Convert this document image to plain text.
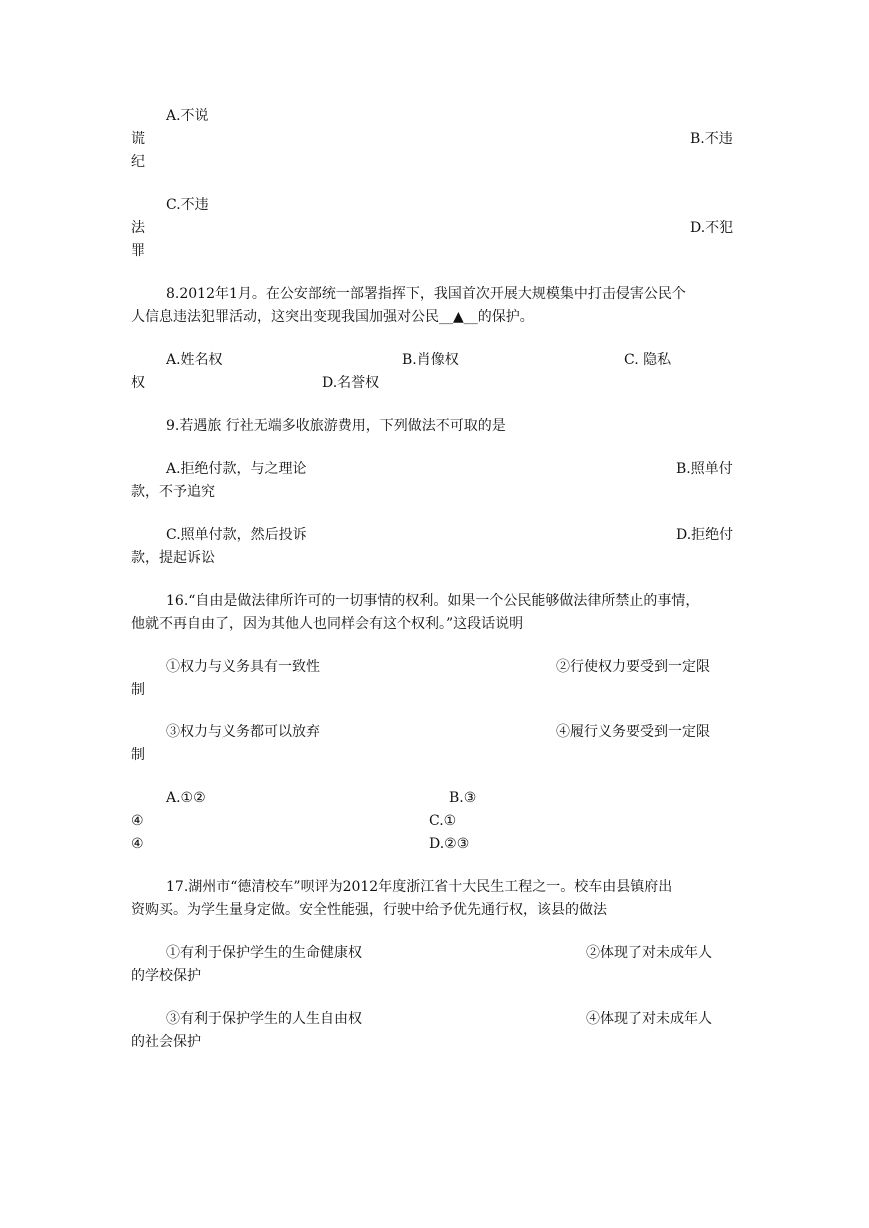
A.不说
谎	B.不违
纪
C.不违
法	D.不犯
罪
8.2012年1月。在公安部统一部署指挥下，我国首次开展大规模集中打击侵害公民个
人信息违法犯罪活动，这突出变现我国加强对公民__▲__的保护。
A.姓名权	B.肖像权	C. 隐私
权	D.名誉权
9.若遇旅 行社无端多收旅游费用，下列做法不可取的是
A.拒绝付款，与之理论	B.照单付
款，不予追究
C.照单付款，然后投诉	D.拒绝付
款，提起诉讼
16.“自由是做法律所许可的一切事情的权利。如果一个公民能够做法律所禁止的事情，
他就不再自由了，因为其他人也同样会有这个权利。”这段话说明
①权力与义务具有一致性	②行使权力要受到一定限
制
③权力与义务都可以放弃	④履行义务要受到一定限
制
A.①②	B.③
④	C.①
④	D.②③
17.湖州市“德清校车”呗评为2012年度浙江省十大民生工程之一。校车由县镇府出
资购买。为学生量身定做。安全性能强，行驶中给予优先通行权，该县的做法
①有利于保护学生的生命健康权	②体现了对未成年人
的学校保护
③有利于保护学生的人生自由权	④体现了对未成年人
的社会保护
